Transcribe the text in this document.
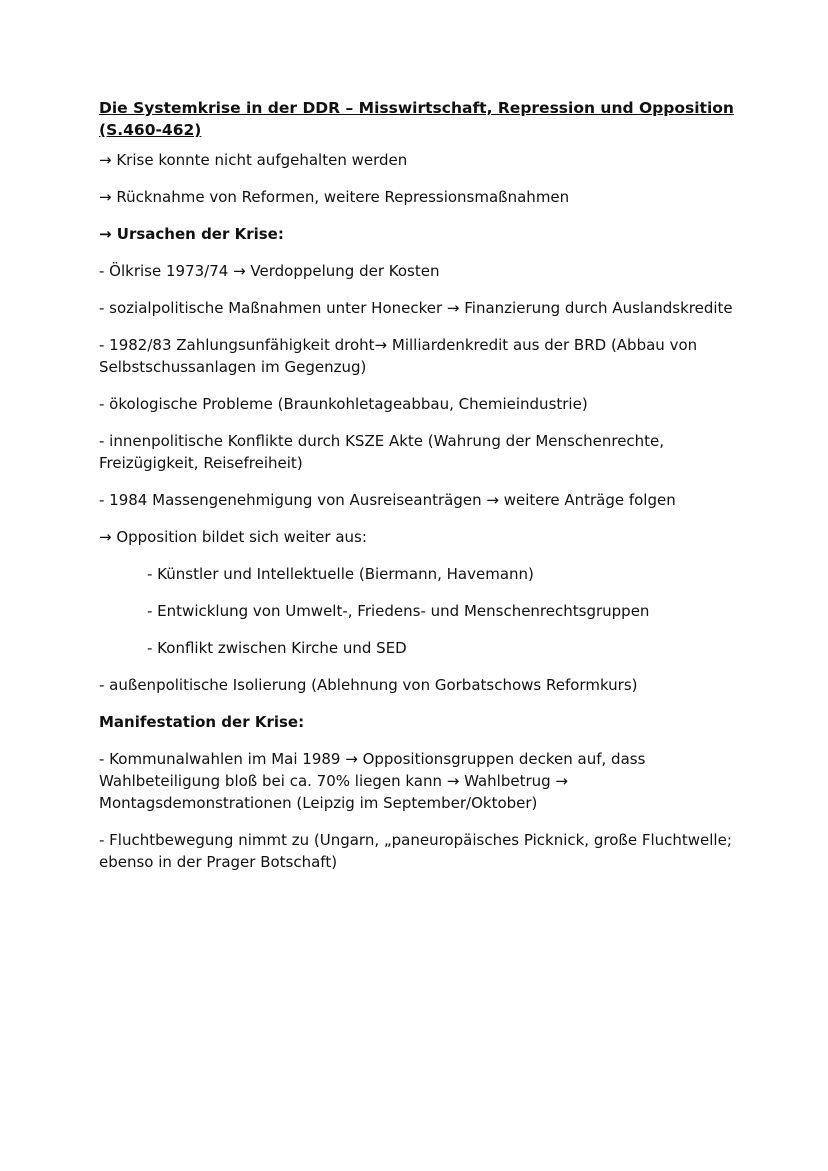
Die Systemkrise in der DDR – Misswirtschaft, Repression und Opposition
(S.460-462)
→ Krise konnte nicht aufgehalten werden
→ Rücknahme von Reformen, weitere Repressionsmaßnahmen
→ Ursachen der Krise:
- Ölkrise 1973/74 → Verdoppelung der Kosten
- sozialpolitische Maßnahmen unter Honecker → Finanzierung durch Auslandskredite
- 1982/83 Zahlungsunfähigkeit droht→ Milliardenkredit aus der BRD (Abbau von Selbstschussanlagen im Gegenzug)
- ökologische Probleme (Braunkohletageabbau, Chemieindustrie)
- innenpolitische Konflikte durch KSZE Akte (Wahrung der Menschenrechte, Freizügigkeit, Reisefreiheit)
- 1984 Massengenehmigung von Ausreiseanträgen → weitere Anträge folgen
→ Opposition bildet sich weiter aus:
- Künstler und Intellektuelle (Biermann, Havemann)
- Entwicklung von Umwelt-, Friedens- und Menschenrechtsgruppen
- Konflikt zwischen Kirche und SED
- außenpolitische Isolierung (Ablehnung von Gorbatschows Reformkurs)
Manifestation der Krise:
- Kommunalwahlen im Mai 1989 → Oppositionsgruppen decken auf, dass Wahlbeteiligung bloß bei ca. 70% liegen kann → Wahlbetrug → Montagsdemonstrationen (Leipzig im September/Oktober)
- Fluchtbewegung nimmt zu (Ungarn, „paneuropäisches Picknick, große Fluchtwelle; ebenso in der Prager Botschaft)
